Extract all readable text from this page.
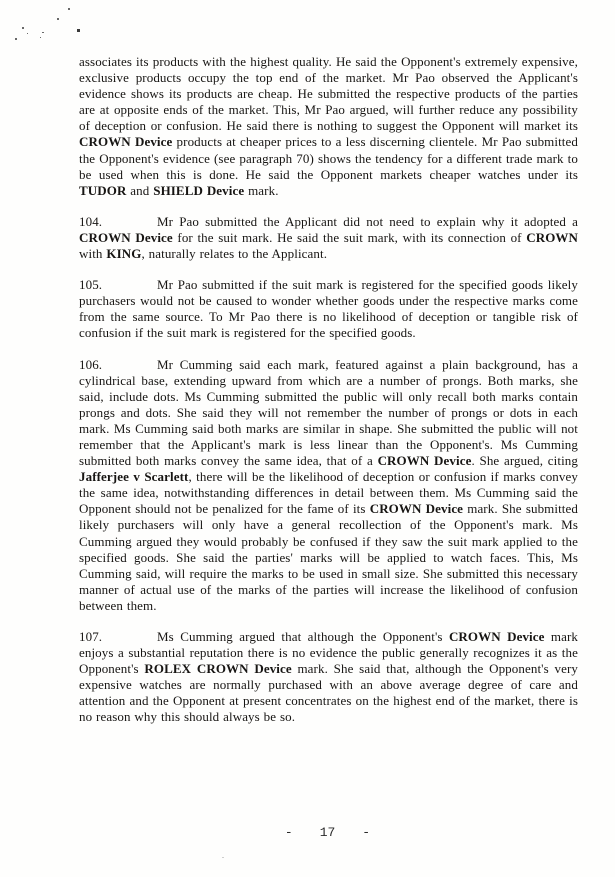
associates its products with the highest quality. He said the Opponent's extremely expensive, exclusive products occupy the top end of the market. Mr Pao observed the Applicant's evidence shows its products are cheap. He submitted the respective products of the parties are at opposite ends of the market. This, Mr Pao argued, will further reduce any possibility of deception or confusion. He said there is nothing to suggest the Opponent will market its CROWN Device products at cheaper prices to a less discerning clientele. Mr Pao submitted the Opponent's evidence (see paragraph 70) shows the tendency for a different trade mark to be used when this is done. He said the Opponent markets cheaper watches under its TUDOR and SHIELD Device mark.

104.	Mr Pao submitted the Applicant did not need to explain why it adopted a CROWN Device for the suit mark. He said the suit mark, with its connection of CROWN with KING, naturally relates to the Applicant.

105.	Mr Pao submitted if the suit mark is registered for the specified goods likely purchasers would not be caused to wonder whether goods under the respective marks come from the same source. To Mr Pao there is no likelihood of deception or tangible risk of confusion if the suit mark is registered for the specified goods.

106.	Mr Cumming said each mark, featured against a plain background, has a cylindrical base, extending upward from which are a number of prongs. Both marks, she said, include dots. Ms Cumming submitted the public will only recall both marks contain prongs and dots. She said they will not remember the number of prongs or dots in each mark. Ms Cumming said both marks are similar in shape. She submitted the public will not remember that the Applicant's mark is less linear than the Opponent's. Ms Cumming submitted both marks convey the same idea, that of a CROWN Device. She argued, citing Jafferjee v Scarlett, there will be the likelihood of deception or confusion if marks convey the same idea, notwithstanding differences in detail between them. Ms Cumming said the Opponent should not be penalized for the fame of its CROWN Device mark. She submitted likely purchasers will only have a general recollection of the Opponent's mark. Ms Cumming argued they would probably be confused if they saw the suit mark applied to the specified goods. She said the parties' marks will be applied to watch faces. This, Ms Cumming said, will require the marks to be used in small size. She submitted this necessary manner of actual use of the marks of the parties will increase the likelihood of confusion between them.

107.	Ms Cumming argued that although the Opponent's CROWN Device mark enjoys a substantial reputation there is no evidence the public generally recognizes it as the Opponent's ROLEX CROWN Device mark. She said that, although the Opponent's very expensive watches are normally purchased with an above average degree of care and attention and the Opponent at present concentrates on the highest end of the market, there is no reason why this should always be so.

- 17 -
